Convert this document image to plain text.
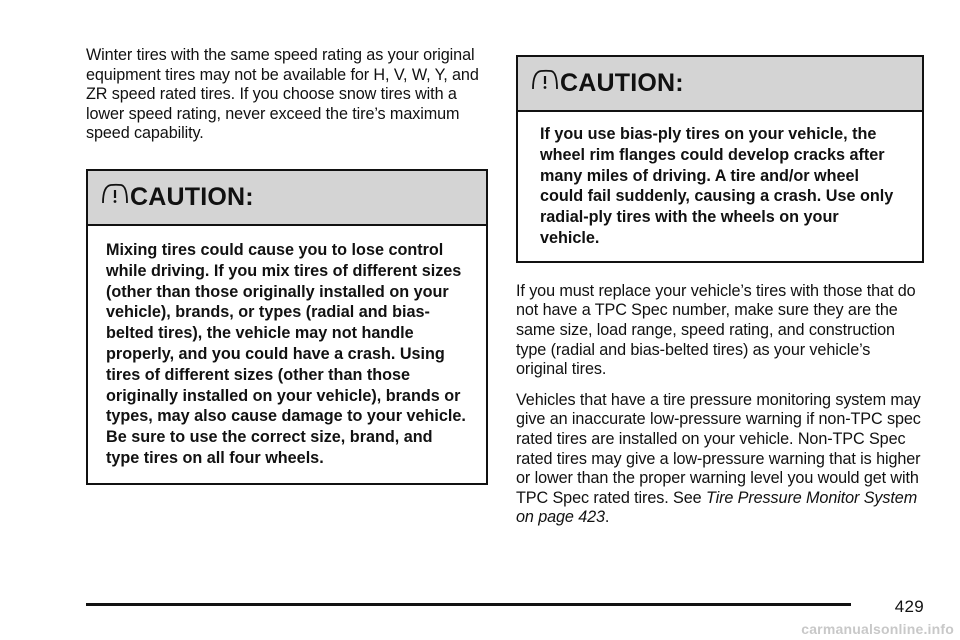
Winter tires with the same speed rating as your original equipment tires may not be available for H, V, W, Y, and ZR speed rated tires. If you choose snow tires with a lower speed rating, never exceed the tire’s maximum speed capability.

CAUTION:

Mixing tires could cause you to lose control while driving. If you mix tires of different sizes (other than those originally installed on your vehicle), brands, or types (radial and bias-belted tires), the vehicle may not handle properly, and you could have a crash. Using tires of different sizes (other than those originally installed on your vehicle), brands or types, may also cause damage to your vehicle. Be sure to use the correct size, brand, and type tires on all four wheels.

CAUTION:

If you use bias-ply tires on your vehicle, the wheel rim flanges could develop cracks after many miles of driving. A tire and/or wheel could fail suddenly, causing a crash. Use only radial-ply tires with the wheels on your vehicle.

If you must replace your vehicle’s tires with those that do not have a TPC Spec number, make sure they are the same size, load range, speed rating, and construction type (radial and bias-belted tires) as your vehicle’s original tires.

Vehicles that have a tire pressure monitoring system may give an inaccurate low-pressure warning if non-TPC spec rated tires are installed on your vehicle. Non-TPC Spec rated tires may give a low-pressure warning that is higher or lower than the proper warning level you would get with TPC Spec rated tires. See Tire Pressure Monitor System on page 423.

429
carmanualsonline.info
